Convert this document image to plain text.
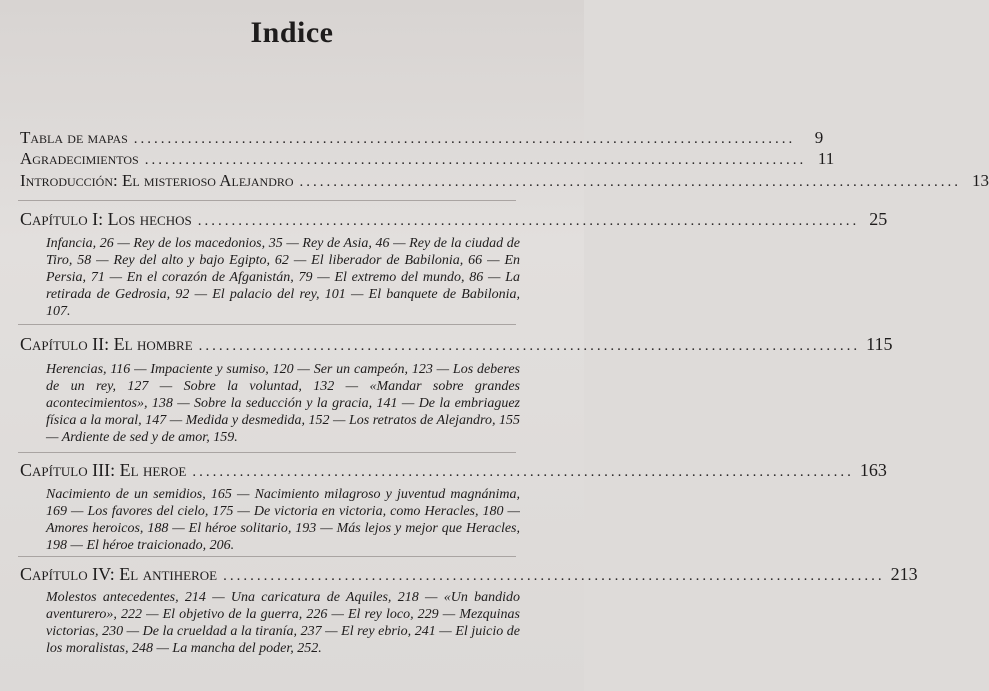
Indice
Tabla de mapas ..................................................................................................	9
Agradecimientos .................................................................................................. 11
Introducción: El misterioso Alejandro .................................................................................................. 13
Capítulo I: Los hechos .................................................................................................. 25
Infancia, 26 — Rey de los macedonios, 35 — Rey de Asia, 46 — Rey de la ciudad de Tiro, 58 — Rey del alto y bajo Egipto, 62 — El liberador de Babilonia, 66 — En Persia, 71 — En el corazón de Afganistán, 79 — El extremo del mundo, 86 — La retirada de Gedrosia, 92 — El palacio del rey, 101 — El banquete de Babilonia, 107.
Capítulo II: El hombre .................................................................................................. 115
Herencias, 116 — Impaciente y sumiso, 120 — Ser un campeón, 123 — Los deberes de un rey, 127 — Sobre la voluntad, 132 — «Mandar sobre grandes acontecimientos», 138 — Sobre la seducción y la gracia, 141 — De la embriaguez física a la moral, 147 — Medida y desmedida, 152 — Los retratos de Alejandro, 155 — Ardiente de sed y de amor, 159.
Capítulo III: El heroe .................................................................................................. 163
Nacimiento de un semidios, 165 — Nacimiento milagroso y juventud magnánima, 169 — Los favores del cielo, 175 — De victoria en victoria, como Heracles, 180 — Amores heroicos, 188 — El héroe solitario, 193 — Más lejos y mejor que Heracles, 198 — El héroe traicionado, 206.
Capítulo IV: El antiheroe .................................................................................................. 213
Molestos antecedentes, 214 — Una caricatura de Aquiles, 218 — «Un bandido aventurero», 222 — El objetivo de la guerra, 226 — El rey loco, 229 — Mezquinas victorias, 230 — De la crueldad a la tiranía, 237 — El rey ebrio, 241 — El juicio de los moralistas, 248 — La mancha del poder, 252.
